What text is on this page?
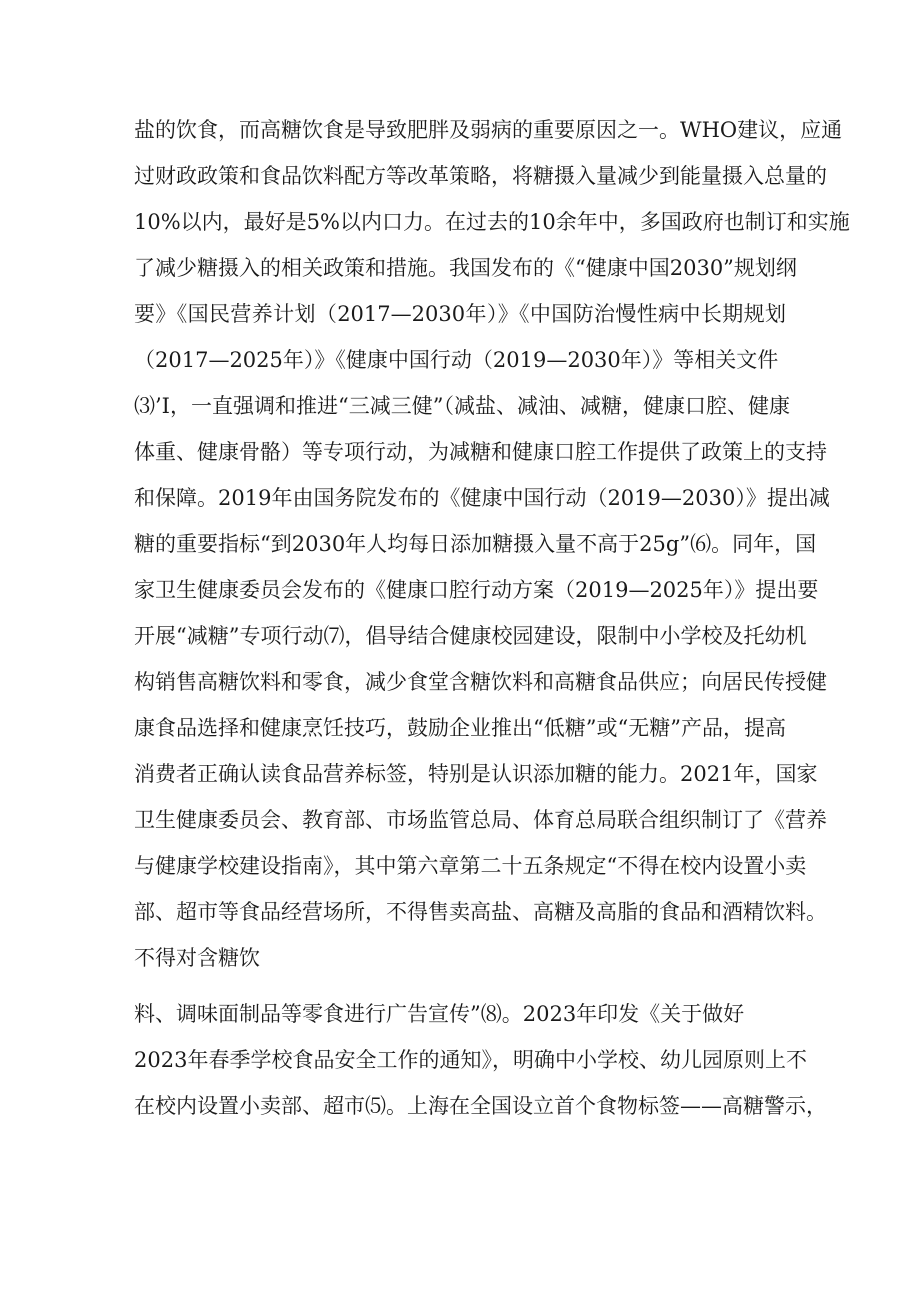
盐的饮食，而高糖饮食是导致肥胖及弱病的重要原因之一。WHO建议，应通

过财政政策和食品饮料配方等改革策略，将糖摄入量减少到能量摄入总量的

10%以内，最好是5%以内口力。在过去的10余年中，多国政府也制订和实施

了减少糖摄入的相关政策和措施。我国发布的《“健康中国2030”规划纲

要》《国民营养计划（2017—2030年）》《中国防治慢性病中长期规划

（2017—2025年）》《健康中国行动（2019—2030年）》等相关文件

⑶’I，一直强调和推进“三减三健”（减盐、减油、减糖，健康口腔、健康

体重、健康骨骼）等专项行动，为减糖和健康口腔工作提供了政策上的支持

和保障。2019年由国务院发布的《健康中国行动（2019—2030）》提出减

糖的重要指标“到2030年人均每日添加糖摄入量不高于25g”⑹。同年，国

家卫生健康委员会发布的《健康口腔行动方案（2019—2025年）》提出要

开展“减糖”专项行动⑺，倡导结合健康校园建设，限制中小学校及托幼机

构销售高糖饮料和零食，减少食堂含糖饮料和高糖食品供应；向居民传授健

康食品选择和健康烹饪技巧，鼓励企业推出“低糖”或“无糖”产品，提高

消费者正确认读食品营养标签，特别是认识添加糖的能力。2021年，国家

卫生健康委员会、教育部、市场监管总局、体育总局联合组织制订了《营养

与健康学校建设指南》，其中第六章第二十五条规定“不得在校内设置小卖

部、超市等食品经营场所，不得售卖高盐、高糖及高脂的食品和酒精饮料。

不得对含糖饮

料、调味面制品等零食进行广告宣传”⑻。2023年印发《关于做好

2023年春季学校食品安全工作的通知》，明确中小学校、幼儿园原则上不

在校内设置小卖部、超市⑸。上海在全国设立首个食物标签——高糖警示，
